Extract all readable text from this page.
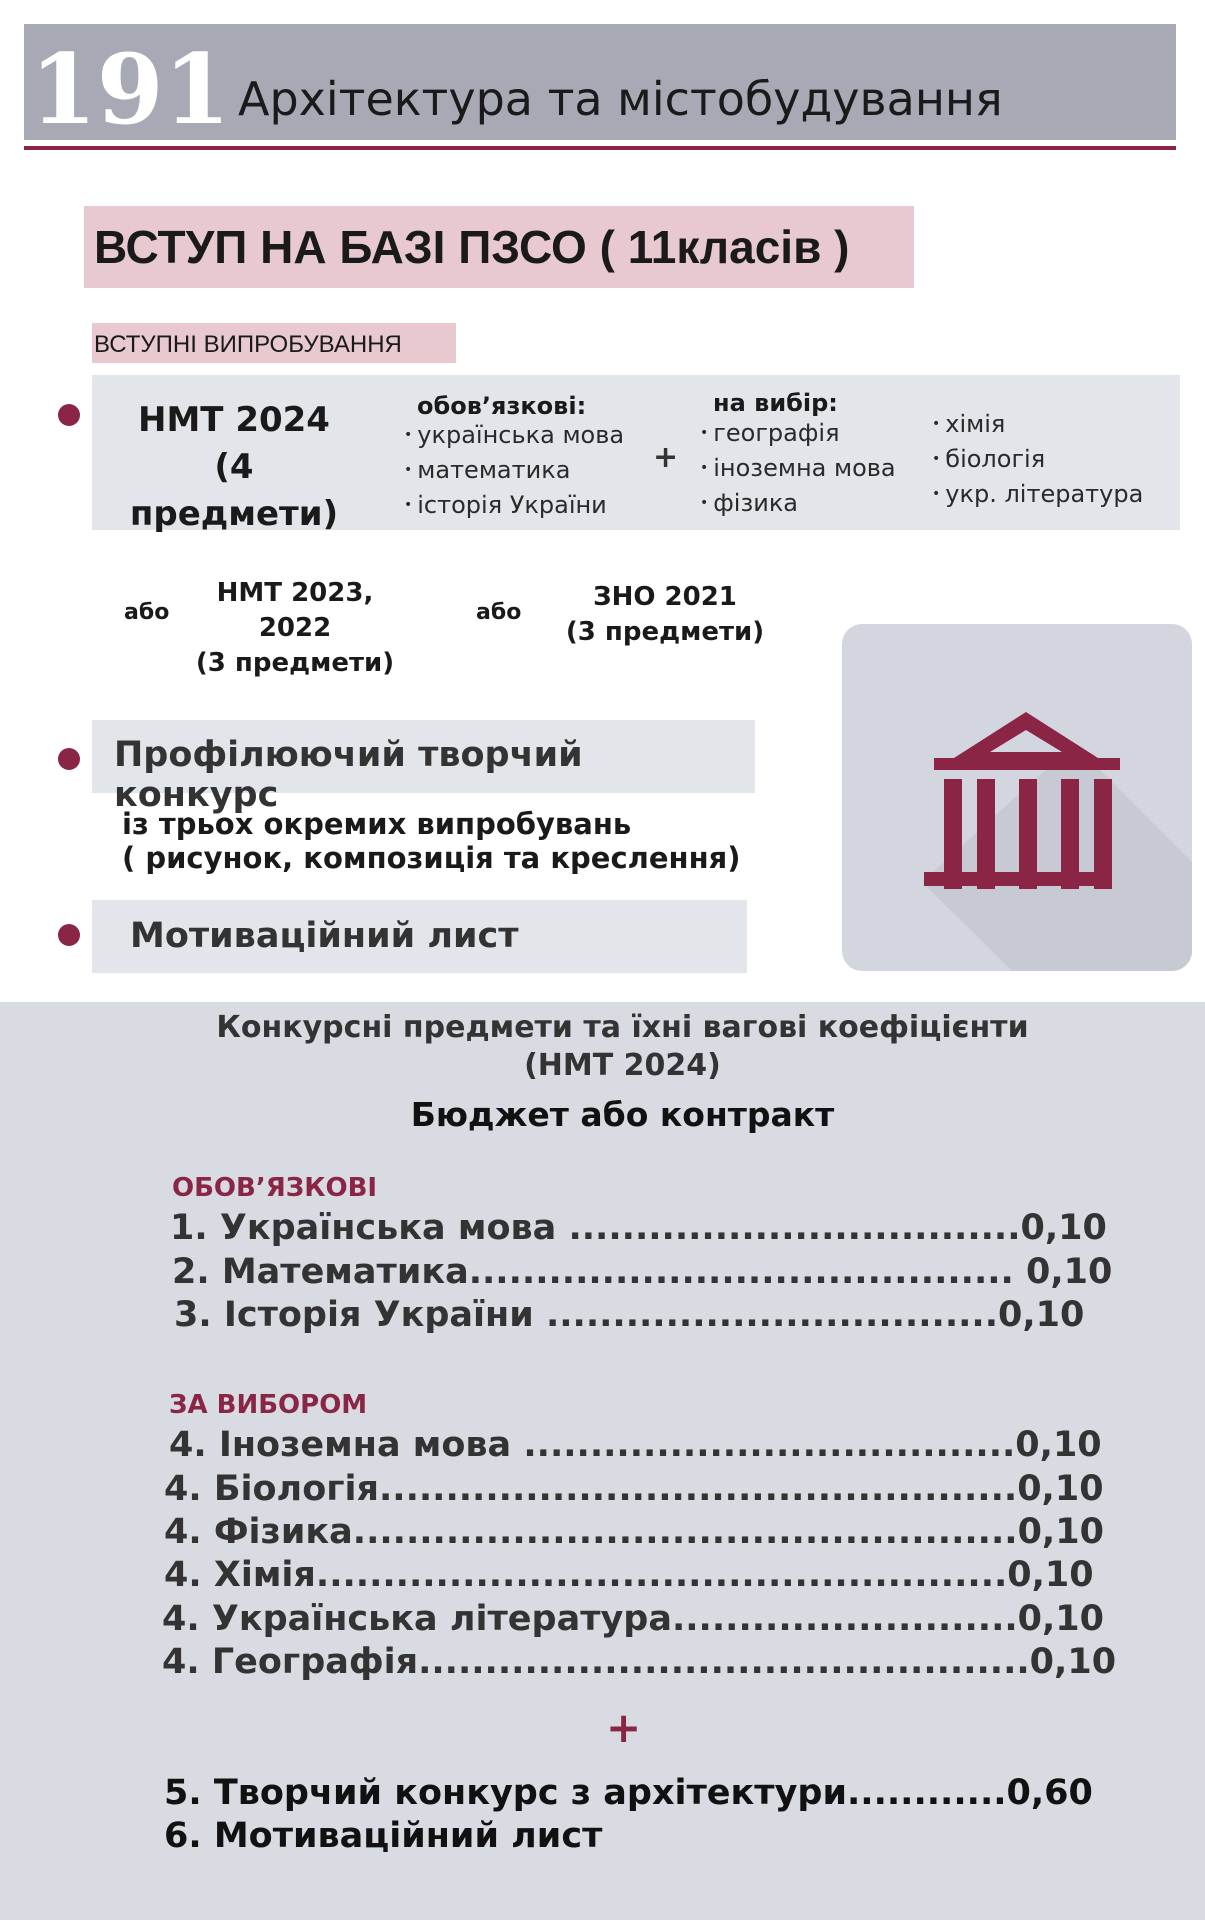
191 Архітектура та містобудування
ВСТУП НА БАЗІ ПЗСО ( 11класів )
ВСТУПНІ ВИПРОБУВАННЯ
НМТ 2024
(4 предмети)
обов’язкові:
• українська мова
• математика
• історія України
+
на вибір:
• географія
• іноземна мова
• фізика
• хімія
• біологія
• укр. література
або
НМТ 2023, 2022
(3 предмети)
або
ЗНО 2021
(3 предмети)
Профілюючий творчий конкурс
із трьох окремих випробувань
( рисунок, композиція та креслення)
Мотиваційний лист
Конкурсні предмети та їхні вагові коефіцієнти
(НМТ 2024)
Бюджет або контракт
ОБОВ’ЯЗКОВІ
1. Українська мова ..................................0,10
2. Математика......................................... 0,10
3. Історія України ..................................0,10
ЗА ВИБОРОМ
4. Іноземна мова .....................................0,10
4. Біологія................................................0,10
4. Фізика..................................................0,10
4. Хімія....................................................0,10
4. Українська література..........................0,10
4. Географія..............................................0,10
+
5. Творчий конкурс з архітектури............0,60
6. Мотиваційний лист
